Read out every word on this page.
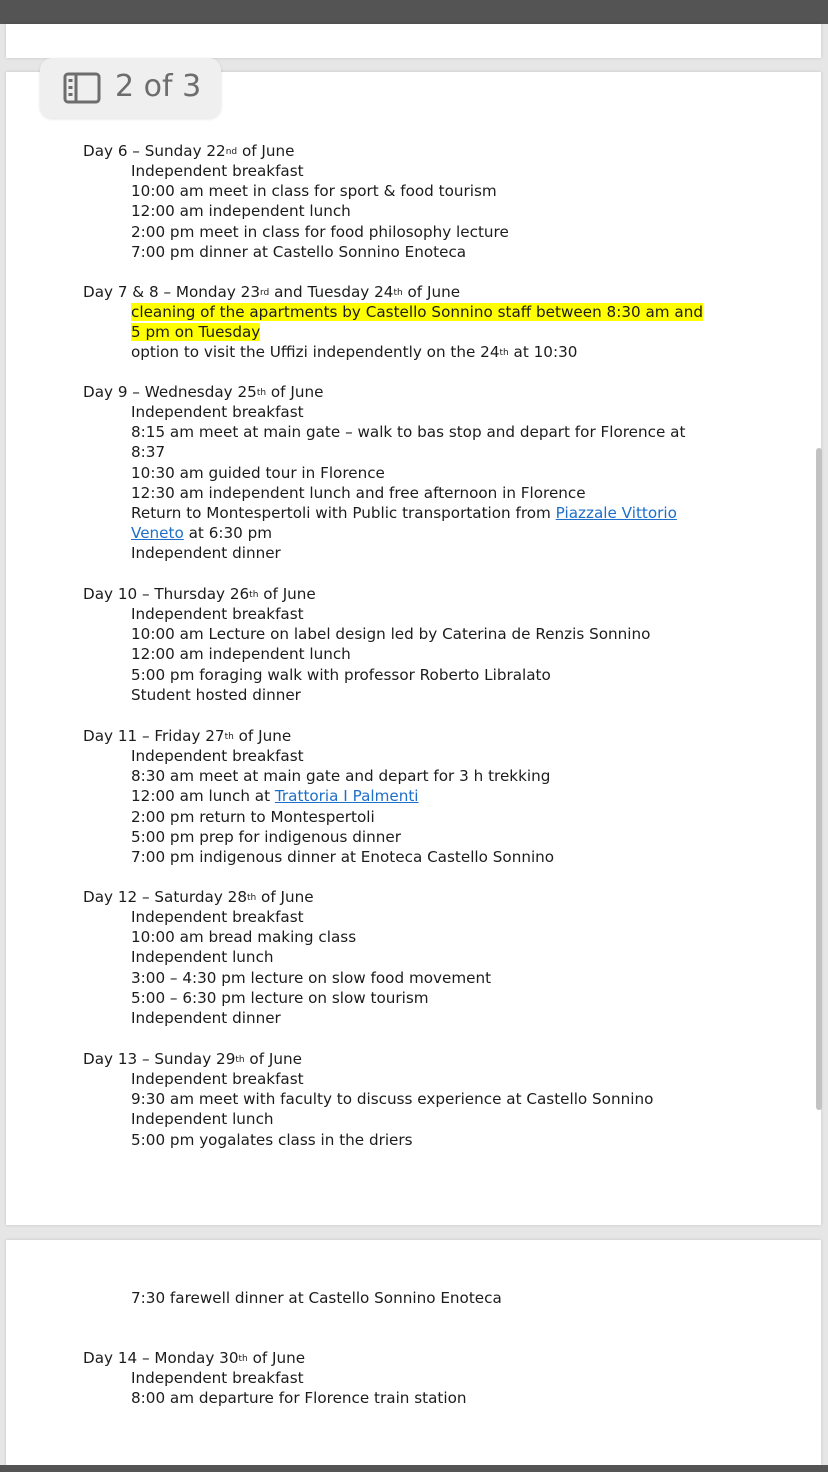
Day 6 – Sunday 22nd of June
Independent breakfast
10:00 am meet in class for sport & food tourism
12:00 am independent lunch
2:00 pm meet in class for food philosophy lecture
7:00 pm dinner at Castello Sonnino Enoteca
Day 7 & 8 – Monday 23rd and Tuesday 24th of June
cleaning of the apartments by Castello Sonnino staff between 8:30 am and
5 pm on Tuesday
option to visit the Uffizi independently on the 24th at 10:30
Day 9 – Wednesday 25th of June
Independent breakfast
8:15 am meet at main gate – walk to bas stop and depart for Florence at
8:37
10:30 am guided tour in Florence
12:30 am independent lunch and free afternoon in Florence
Return to Montespertoli with Public transportation from Piazzale Vittorio
Veneto at 6:30 pm
Independent dinner
Day 10 – Thursday 26th of June
Independent breakfast
10:00 am Lecture on label design led by Caterina de Renzis Sonnino
12:00 am independent lunch
5:00 pm foraging walk with professor Roberto Libralato
Student hosted dinner
Day 11 – Friday 27th of June
Independent breakfast
8:30 am meet at main gate and depart for 3 h trekking
12:00 am lunch at Trattoria I Palmenti
2:00 pm return to Montespertoli
5:00 pm prep for indigenous dinner
7:00 pm indigenous dinner at Enoteca Castello Sonnino
Day 12 – Saturday 28th of June
Independent breakfast
10:00 am bread making class
Independent lunch
3:00 – 4:30 pm lecture on slow food movement
5:00 – 6:30 pm lecture on slow tourism
Independent dinner
Day 13 – Sunday 29th of June
Independent breakfast
9:30 am meet with faculty to discuss experience at Castello Sonnino
Independent lunch
5:00 pm yogalates class in the driers
7:30 farewell dinner at Castello Sonnino Enoteca
Day 14 – Monday 30th of June
Independent breakfast
8:00 am departure for Florence train station
2 of 3
